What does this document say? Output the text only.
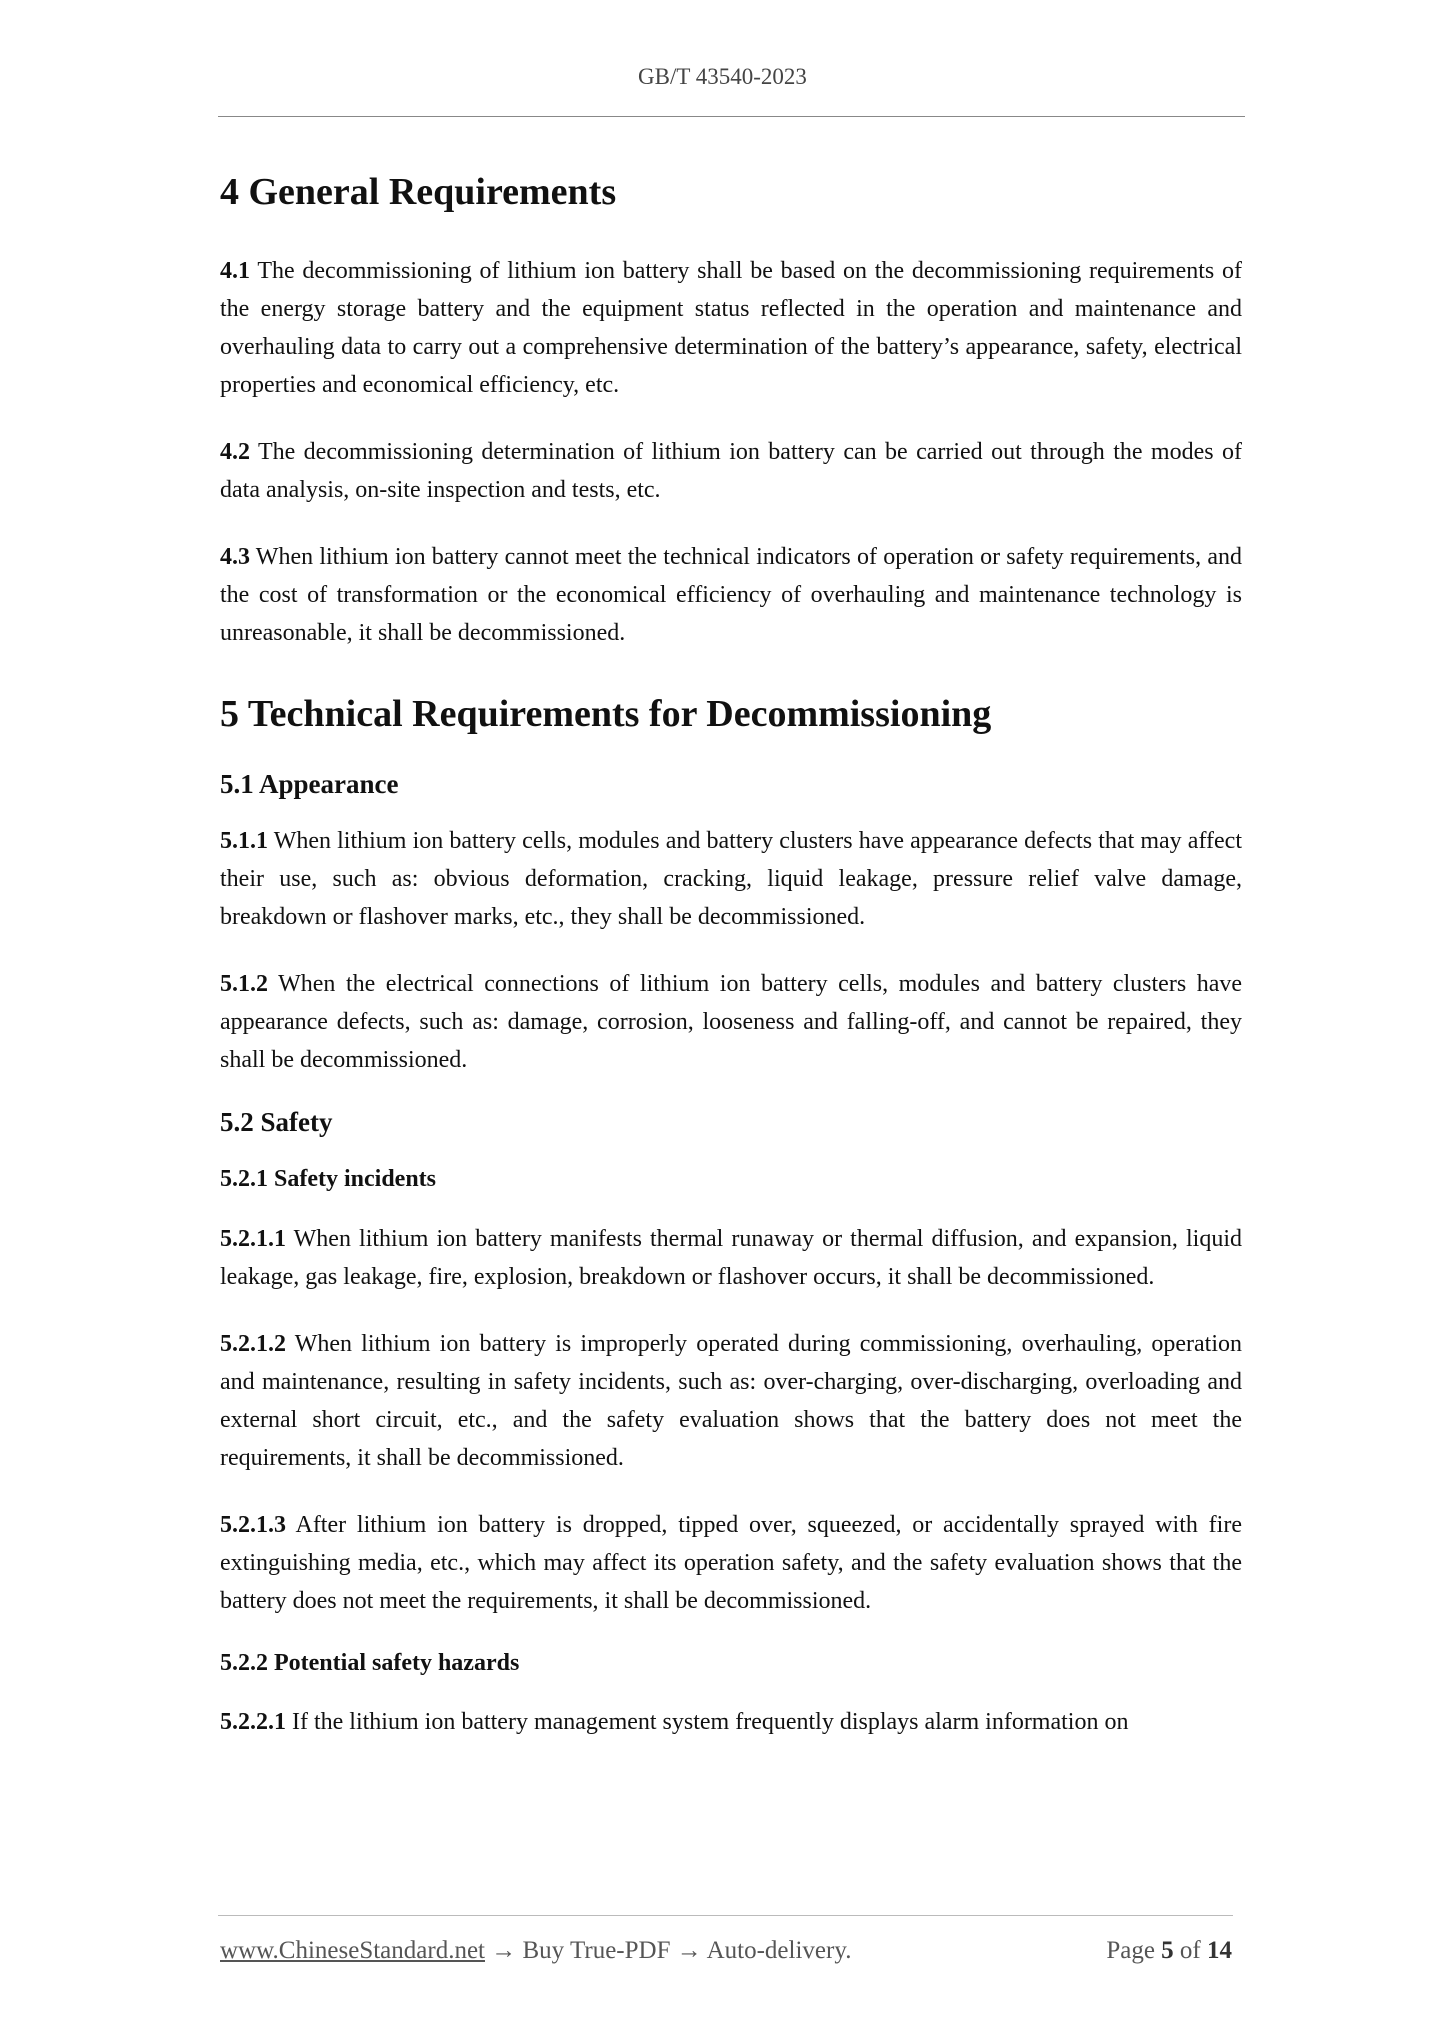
GB/T 43540-2023
4 General Requirements

4.1 The decommissioning of lithium ion battery shall be based on the decommissioning requirements of the energy storage battery and the equipment status reflected in the operation and maintenance and overhauling data to carry out a comprehensive determination of the battery’s appearance, safety, electrical properties and economical efficiency, etc.

4.2 The decommissioning determination of lithium ion battery can be carried out through the modes of data analysis, on-site inspection and tests, etc.

4.3 When lithium ion battery cannot meet the technical indicators of operation or safety requirements, and the cost of transformation or the economical efficiency of overhauling and maintenance technology is unreasonable, it shall be decommissioned.

5 Technical Requirements for Decommissioning
5.1 Appearance

5.1.1 When lithium ion battery cells, modules and battery clusters have appearance defects that may affect their use, such as: obvious deformation, cracking, liquid leakage, pressure relief valve damage, breakdown or flashover marks, etc., they shall be decommissioned.

5.1.2 When the electrical connections of lithium ion battery cells, modules and battery clusters have appearance defects, such as: damage, corrosion, looseness and falling-off, and cannot be repaired, they shall be decommissioned.

5.2 Safety
5.2.1 Safety incidents

5.2.1.1 When lithium ion battery manifests thermal runaway or thermal diffusion, and expansion, liquid leakage, gas leakage, fire, explosion, breakdown or flashover occurs, it shall be decommissioned.

5.2.1.2 When lithium ion battery is improperly operated during commissioning, overhauling, operation and maintenance, resulting in safety incidents, such as: over-charging, over-discharging, overloading and external short circuit, etc., and the safety evaluation shows that the battery does not meet the requirements, it shall be decommissioned.

5.2.1.3 After lithium ion battery is dropped, tipped over, squeezed, or accidentally sprayed with fire extinguishing media, etc., which may affect its operation safety, and the safety evaluation shows that the battery does not meet the requirements, it shall be decommissioned.

5.2.2 Potential safety hazards

5.2.2.1 If the lithium ion battery management system frequently displays alarm information on

www.ChineseStandard.net → Buy True-PDF → Auto-delivery.	Page 5 of 14
